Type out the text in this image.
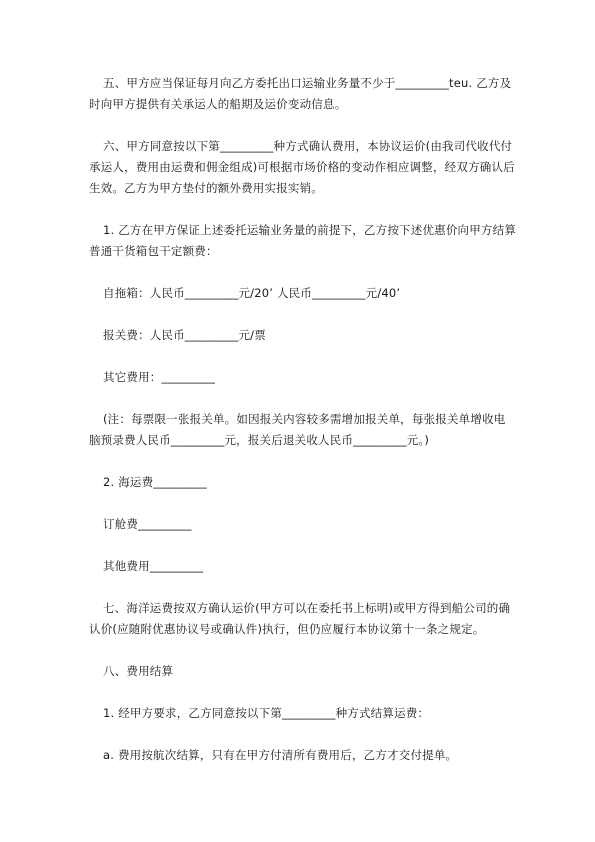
五、甲方应当保证每月向乙方委托出口运输业务量不少于_________teu. 乙方及

时向甲方提供有关承运人的船期及运价变动信息。

六、甲方同意按以下第_________种方式确认费用，本协议运价(由我司代收代付

承运人，费用由运费和佣金组成)可根据市场价格的变动作相应调整，经双方确认后

生效。乙方为甲方垫付的额外费用实报实销。

1. 乙方在甲方保证上述委托运输业务量的前提下，乙方按下述优惠价向甲方结算

普通干货箱包干定额费：

自拖箱：人民币_________元/20’ 人民币_________元/40’

报关费：人民币_________元/票

其它费用：_________

(注：每票限一张报关单。如因报关内容较多需增加报关单，每张报关单增收电

脑预录费人民币_________元，报关后退关收人民币_________元。)

2. 海运费_________

订舱费_________

其他费用_________

七、海洋运费按双方确认运价(甲方可以在委托书上标明)或甲方得到船公司的确

认价(应随附优惠协议号或确认件)执行，但仍应履行本协议第十一条之规定。

八、费用结算

1. 经甲方要求，乙方同意按以下第_________种方式结算运费：

a. 费用按航次结算，只有在甲方付清所有费用后，乙方才交付提单。
